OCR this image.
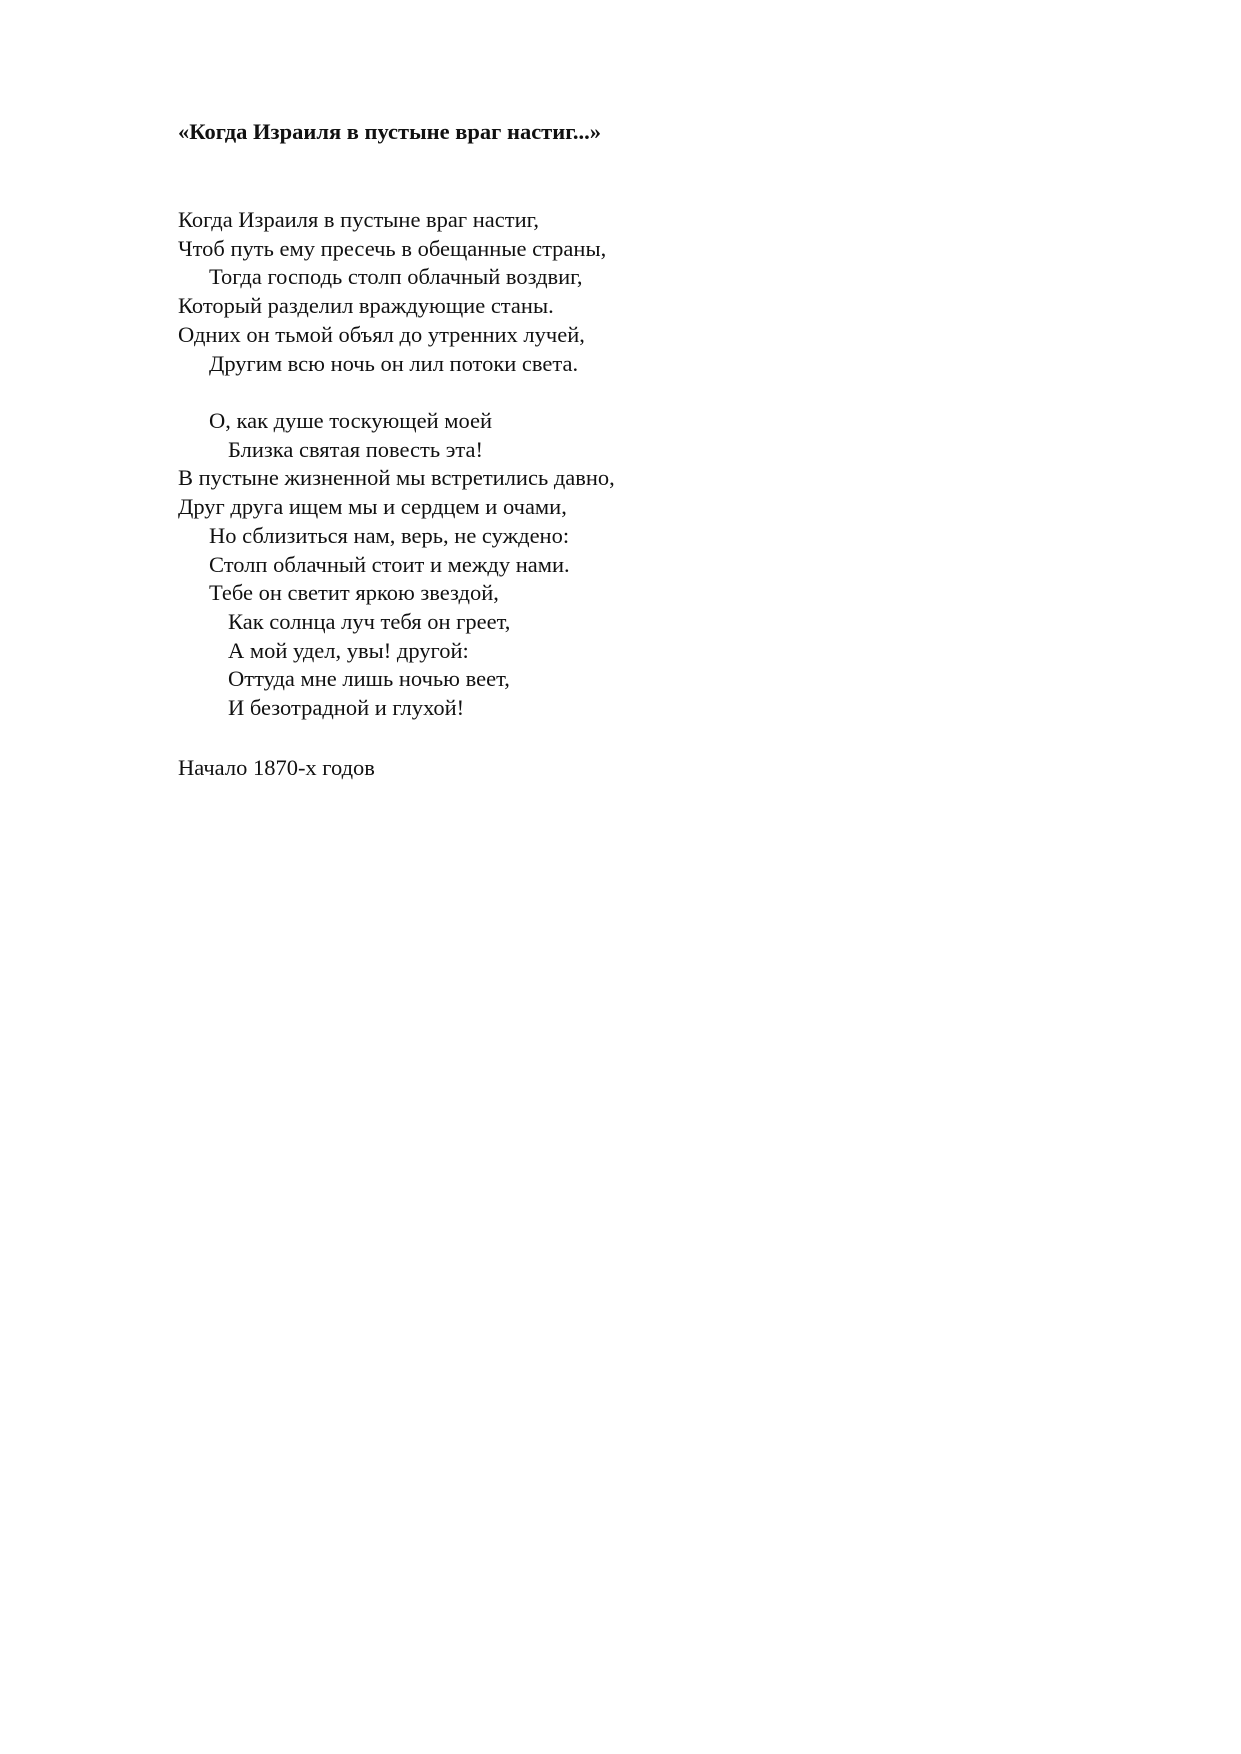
«Когда Израиля в пустыне враг настиг...»
Когда Израиля в пустыне враг настиг,
Чтоб путь ему пресечь в обещанные страны,
Тогда господь столп облачный воздвиг,
Который разделил враждующие станы.
Одних он тьмой объял до утренних лучей,
Другим всю ночь он лил потоки света.
О, как душе тоскующей моей
Близка святая повесть эта!
В пустыне жизненной мы встретились давно,
Друг друга ищем мы и сердцем и очами,
Но сблизиться нам, верь, не суждено:
Столп облачный стоит и между нами.
Тебе он светит яркою звездой,
Как солнца луч тебя он греет,
А мой удел, увы! другой:
Оттуда мне лишь ночью веет,
И безотрадной и глухой!

Начало 1870-х годов
